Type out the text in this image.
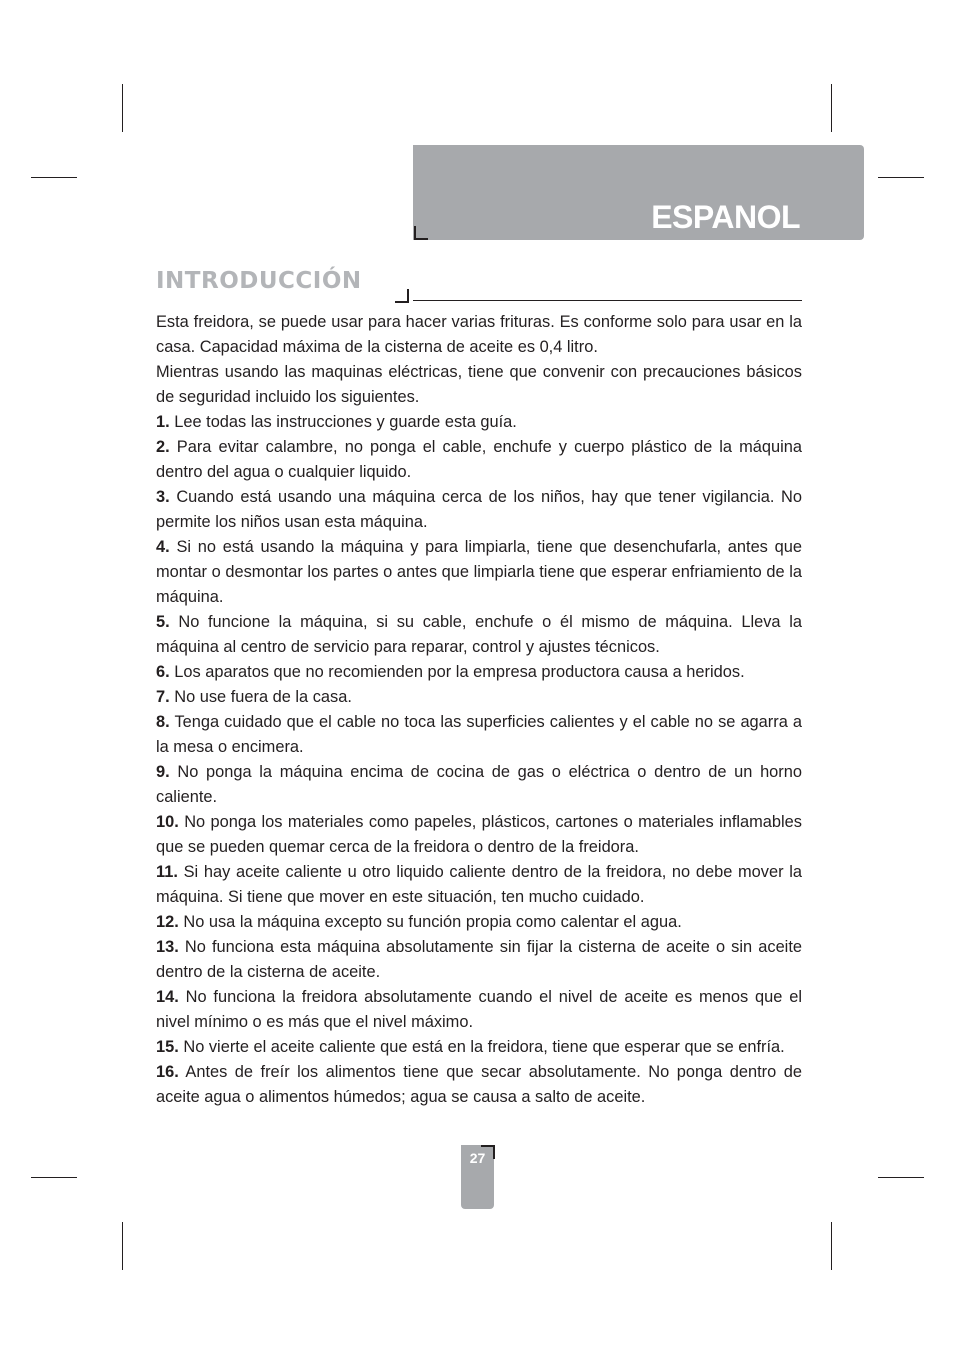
ESPANOL
INTRODUCCIÓN

Esta freidora, se puede usar para hacer varias frituras. Es conforme solo para usar en la casa. Capacidad máxima de la cisterna de aceite es 0,4 litro.

Mientras usando las maquinas eléctricas, tiene que convenir con precauciones básicos de seguridad incluido los siguientes.

1. Lee todas las instrucciones y guarde esta guía.

2. Para evitar calambre, no ponga el cable, enchufe y cuerpo plástico de la máquina dentro del agua o cualquier liquido.

3. Cuando está usando una máquina cerca de los niños, hay que tener vigilancia. No permite los niños usan esta máquina.

4. Si no está usando la máquina y para limpiarla, tiene que desenchufarla, antes que montar o desmontar los partes o antes que limpiarla tiene que esperar enfriamiento de la máquina.

5. No funcione la máquina, si su cable, enchufe o él mismo de máquina. Lleva la máquina al centro de servicio para reparar, control y ajustes técnicos.

6. Los aparatos que no recomienden por la empresa productora causa a heridos.

7. No use fuera de la casa.

8. Tenga cuidado que el cable no toca las superficies calientes y el cable no se agarra a la mesa o encimera.

9. No ponga la máquina encima de cocina de gas o eléctrica o dentro de un horno caliente.

10. No ponga los materiales como papeles, plásticos, cartones o materiales inflamables que se pueden quemar cerca de la freidora o dentro de la freidora.

11. Si hay aceite caliente u otro liquido caliente dentro de la freidora, no debe mover la máquina. Si tiene que mover en este situación, ten mucho cuidado.

12. No usa la máquina excepto su función propia como calentar el agua.

13. No funciona esta máquina absolutamente sin fijar la cisterna de aceite o sin aceite dentro de la cisterna de aceite.

14. No funciona la freidora absolutamente cuando el nivel de aceite es menos que el nivel mínimo o es más que el nivel máximo.

15. No vierte el aceite caliente que está en la freidora, tiene que esperar que se enfría.

16. Antes de freír los alimentos tiene que secar absolutamente. No ponga dentro de aceite agua o alimentos húmedos; agua se causa a salto de aceite.

27
